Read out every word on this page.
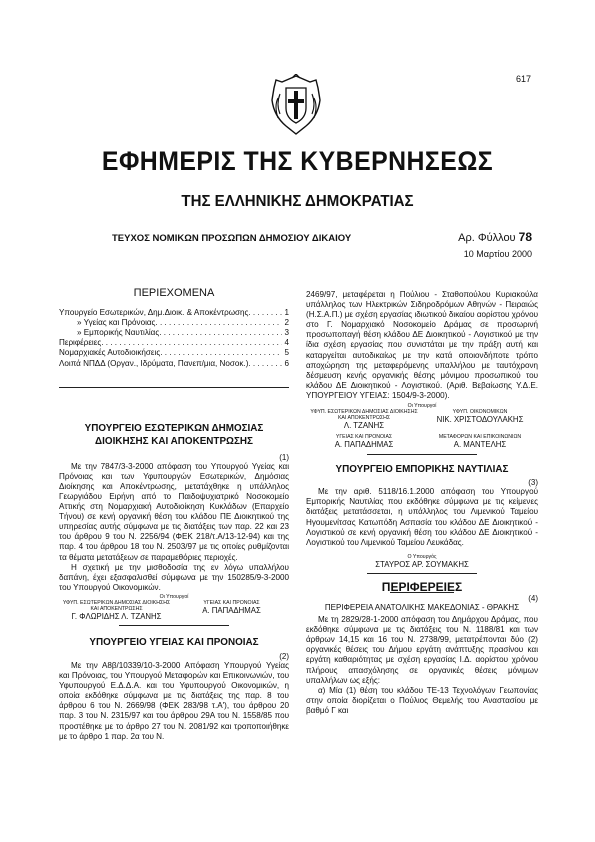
617
ΕΦΗΜΕΡΙΣ ΤΗΣ ΚΥΒΕΡΝΗΣΕΩΣ
ΤΗΣ ΕΛΛΗΝΙΚΗΣ ΔΗΜΟΚΡΑΤΙΑΣ
ΤΕΥΧΟΣ ΝΟΜΙΚΩΝ ΠΡΟΣΩΠΩΝ ΔΗΜΟΣΙΟΥ ΔΙΚΑΙΟΥ	Αρ. Φύλλου 78
10 Μαρτίου 2000
ΠΕΡΙΕΧΟΜΕΝΑ
Υπουργείο Εσωτερικών, Δημ.Διοικ. & Αποκέντρωσης . . .	1
» Υγείας και Πρόνοιας . . .	2
» Εμπορικής Ναυτιλίας . . .	3
Περιφέρειες . . .	4
Νομαρχιακές Αυτοδιοικήσεις . . .	5
Λοιπά ΝΠΔΔ (Οργαν., Ιδρύματα, Πανεπ/μια, Νοσοκ.) . . .	6
ΥΠΟΥΡΓΕΙΟ ΕΣΩΤΕΡΙΚΩΝ ΔΗΜΟΣΙΑΣ
ΔΙΟΙΚΗΣΗΣ ΚΑΙ ΑΠΟΚΕΝΤΡΩΣΗΣ
(1)

Με την 7847/3-3-2000 απόφαση του Υπουργού Υγείας και Πρόνοιας και των Υφυπουργών Εσωτερικών, Δημόσιας Διοίκησης και Αποκέντρωσης, μετατάχθηκε η υπάλληλος Γεωργιάδου Ειρήνη από το Παιδοψυχιατρικό Νοσοκομείο Αττικής στη Νομαρχιακή Αυτοδιοίκηση Κυκλάδων (Επαρχείο Τήνου) σε κενή οργανική θέση του κλάδου ΠΕ Διοικητικού της υπηρεσίας αυτής σύμφωνα με τις διατάξεις των παρ. 22 και 23 του άρθρου 9 του Ν. 2256/94 (ΦΕΚ 218/τ.Α/13-12-94) και της παρ. 4 του άρθρου 18 του Ν. 2503/97 με τις οποίες ρυθμίζονται τα θέματα μετατάξεων σε παραμεθόριες περιοχές.

Η σχετική με την μισθοδοσία της εν λόγω υπαλλήλου δαπάνη, έχει εξασφαλισθεί σύμφωνα με την 150285/9-3-2000 του Υπουργού Οικονομικών.

Οι Υπουργοί
ΥΦΥΠ. ΕΣΩΤΕΡΙΚΩΝ ΔΗΜΟΣΙΑΣ ΔΙΟΙΚΗΣΗΣ ΚΑΙ ΑΠΟΚΕΝΤΡΩΣΗΣ
Γ. ΦΛΩΡΙΔΗΣ Λ. ΤΖΑΝΗΣ
ΥΓΕΙΑΣ ΚΑΙ ΠΡΟΝΟΙΑΣ
Α. ΠΑΠΑΔΗΜΑΣ
ΥΠΟΥΡΓΕΙΟ ΥΓΕΙΑΣ ΚΑΙ ΠΡΟΝΟΙΑΣ
(2)

Με την Α8β/10339/10-3-2000 Απόφαση Υπουργού Υγείας και Πρόνοιας, του Υπουργού Μεταφορών και Επικοινωνιών, του Υφυπουργού Ε.Δ.Δ.Α. και του Υφυπουργού Οικονομικών, η οποία εκδόθηκε σύμφωνα με τις διατάξεις της παρ. 8 του άρθρου 6 του Ν. 2669/98 (ΦΕΚ 283/98 τ.Α'), του άρθρου 20 παρ. 3 του Ν. 2315/97 και του άρθρου 29Α του Ν. 1558/85 που προστέθηκε με το άρθρο 27 του Ν. 2081/92 και τροποποιήθηκε με το άρθρο 1 παρ. 2α του Ν.

2469/97, μεταφέρεται η Πούλιου - Σταθοπούλου Κυριακούλα υπάλληλος των Ηλεκτρικών Σιδηροδρόμων Αθηνών - Πειραιώς (Η.Σ.Α.Π.) με σχέση εργασίας ιδιωτικού δικαίου αορίστου χρόνου στο Γ. Νομαρχιακό Νοσοκομείο Δράμας σε προσωρινή προσωποπαγή θέση κλάδου ΔΕ Διοικητικού - Λογιστικού με την ίδια σχέση εργασίας που συνιστάται με την πράξη αυτή και καταργείται αυτοδικαίως με την κατά οποιονδήποτε τρόπο αποχώρηση της μεταφερόμενης υπαλλήλου με ταυτόχρονη δέσμευση κενής οργανικής θέσης μόνιμου προσωπικού του κλάδου ΔΕ Διοικητικού - Λογιστικού. (Αριθ. Βεβαίωσης Υ.Δ.Ε. ΥΠΟΥΡΓΕΙΟΥ ΥΓΕΙΑΣ: 1504/9-3-2000).

Οι Υπουργοί
ΥΦΥΠ. ΕΣΩΤΕΡΙΚΩΝ ΔΗΜΟΣΙΑΣ ΔΙΟΙΚΗΣΗΣ ΚΑΙ ΑΠΟΚΕΝΤΡΩΣΗΣ
Λ. ΤΖΑΝΗΣ
ΥΦΥΠ. ΟΙΚΟΝΟΜΙΚΩΝ
ΝΙΚ. ΧΡΙΣΤΟΔΟΥΛΑΚΗΣ
ΥΓΕΙΑΣ ΚΑΙ ΠΡΟΝΟΙΑΣ
Α. ΠΑΠΑΔΗΜΑΣ
ΜΕΤΑΦΟΡΩΝ ΚΑΙ ΕΠΙΚΟΙΝΩΝΙΩΝ
Α. ΜΑΝΤΕΛΗΣ
ΥΠΟΥΡΓΕΙΟ ΕΜΠΟΡΙΚΗΣ ΝΑΥΤΙΛΙΑΣ
(3)

Με την αριθ. 5118/16.1.2000 απόφαση του Υπουργού Εμπορικής Ναυτιλίας που εκδόθηκε σύμφωνα με τις κείμενες διατάξεις μετατάσσεται, η υπάλληλος του Λιμενικού Ταμείου Ηγουμενίτσας Κατωπόδη Ασπασία του κλάδου ΔΕ Διοικητικού - Λογιστικού σε κενή οργανική θέση του κλάδου ΔΕ Διοικητικού - Λογιστικού του Λιμενικού Ταμείου Λευκάδας.

Ο Υπουργός
ΣΤΑΥΡΟΣ ΑΡ. ΣΟΥΜΑΚΗΣ
ΠΕΡΙΦΕΡΕΙΕΣ
(4)
ΠΕΡΙΦΕΡΕΙΑ ΑΝΑΤΟΛΙΚΗΣ ΜΑΚΕΔΟΝΙΑΣ - ΘΡΑΚΗΣ

Με τη 2829/28-1-2000 απόφαση του Δημάρχου Δράμας, που εκδόθηκε σύμφωνα με τις διατάξεις του Ν. 1188/81 και των άρθρων 14,15 και 16 του Ν. 2738/99, μετατρέπονται δύο (2) οργανικές θέσεις του Δήμου εργάτη ανάπτυξης πρασίνου και εργάτη καθαριότητας με σχέση εργασίας Ι.Δ. αορίστου χρόνου πλήρους απασχόλησης σε οργανικές θέσεις μόνιμων υπαλλήλων ως εξής:

α) Μία (1) θέση του κλάδου ΤΕ-13 Τεχνολόγων Γεωπονίας στην οποία διορίζεται ο Πούλιος Θεμελής του Αναστασίου με βαθμό Γ και
